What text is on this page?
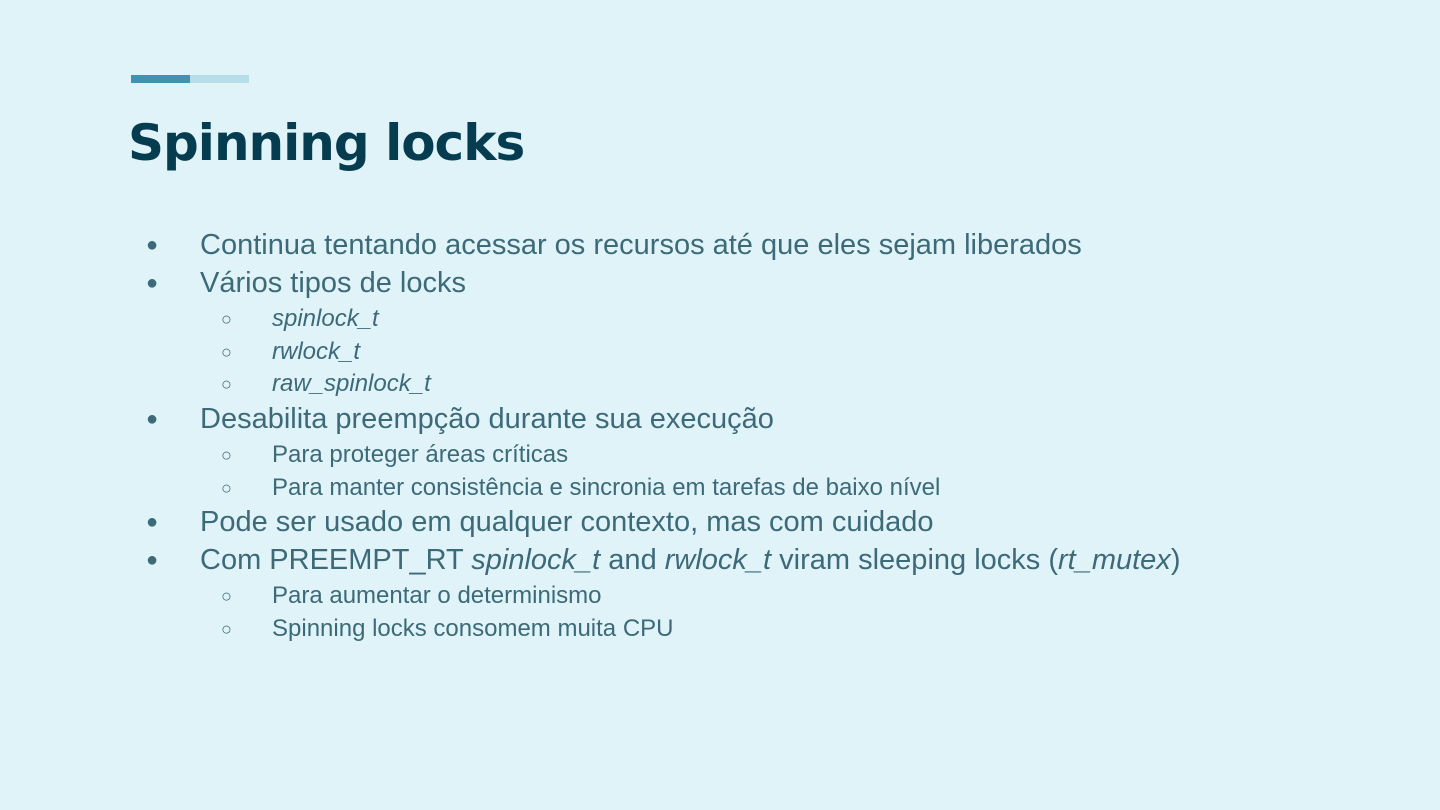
Spinning locks
● Continua tentando acessar os recursos até que eles sejam liberados
● Vários tipos de locks
○ spinlock_t
○ rwlock_t
○ raw_spinlock_t
● Desabilita preempção durante sua execução
○ Para proteger áreas críticas
○ Para manter consistência e sincronia em tarefas de baixo nível
● Pode ser usado em qualquer contexto, mas com cuidado
● Com PREEMPT_RT spinlock_t and rwlock_t viram sleeping locks (rt_mutex)
○ Para aumentar o determinismo
○ Spinning locks consomem muita CPU
